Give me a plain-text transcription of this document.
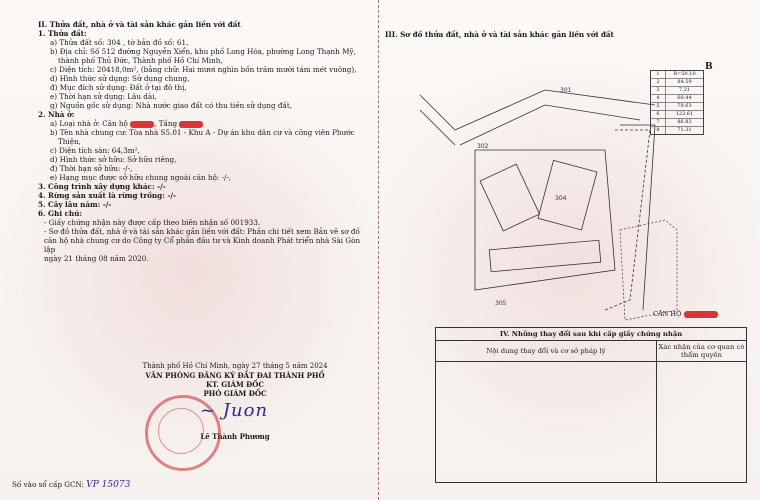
II. Thửa đất, nhà ở và tài sản khác gắn liền với đất
1. Thửa đất:
a) Thửa đất số: 304 , tờ bản đồ số: 61,
b) Địa chỉ: Số 512 đường Nguyễn Xiển, khu phố Long Hòa, phường Long Thạnh Mỹ,
thành phố Thủ Đức, Thành phố Hồ Chí Minh,
c) Diện tích: 20418,0m², (bằng chữ: Hai mươi nghìn bốn trăm mười tám mét vuông),
d) Hình thức sử dụng: Sử dụng chung,
đ) Mục đích sử dụng: Đất ở tại đô thị,
e) Thời hạn sử dụng: Lâu dài,
g) Nguồn gốc sử dụng: Nhà nước giao đất có thu tiền sử dụng đất,
2. Nhà ở:
a) Loại nhà ở: Căn hộ	, Tầng
b) Tên nhà chung cư: Tòa nhà S5.01 - Khu A - Dự án khu dân cư và công viên Phước
Thiện,
c) Diện tích sàn: 64,3m²,
d) Hình thức sở hữu: Sở hữu riêng,
đ) Thời hạn sở hữu: -/-,
e) Hạng mục được sở hữu chung ngoài căn hộ: -/-,
3. Công trình xây dựng khác: -/-
4. Rừng sản xuất là rừng trồng: -/-
5. Cây lâu năm: -/-
6. Ghi chú:
- Giấy chứng nhận này được cấp theo biên nhận số 001933.
- Sơ đồ thửa đất, nhà ở và tài sản khác gắn liền với đất: Phần chi tiết xem Bản vẽ sơ đồ
căn hộ nhà chung cư do Công ty Cổ phần đầu tư và Kinh doanh Phát triển nhà Sài Gòn lập
ngày 21 tháng 08 năm 2020.
Thành phố Hồ Chí Minh, ngày 27 tháng 5 năm 2024
VĂN PHÒNG ĐĂNG KÝ ĐẤT ĐAI THÀNH PHỐ
KT. GIÁM ĐỐC
PHÓ GIÁM ĐỐC
Lê Thành Phương
~ Juon
Số vào sổ cấp GCN: VP 15073
III. Sơ đồ thửa đất, nhà ở và tài sản khác gắn liền với đất
301
302
304
305
1	R=50.10
2	84.59
3	7.21
4	60.44
5	79.63
6	122.61
7	86.83
8	71.31
B
CĂN HỘ
IV. Những thay đổi sau khi cấp giấy chứng nhận
Nội dung thay đổi và cơ sở pháp lý	Xác nhận của cơ quan có thẩm quyền
